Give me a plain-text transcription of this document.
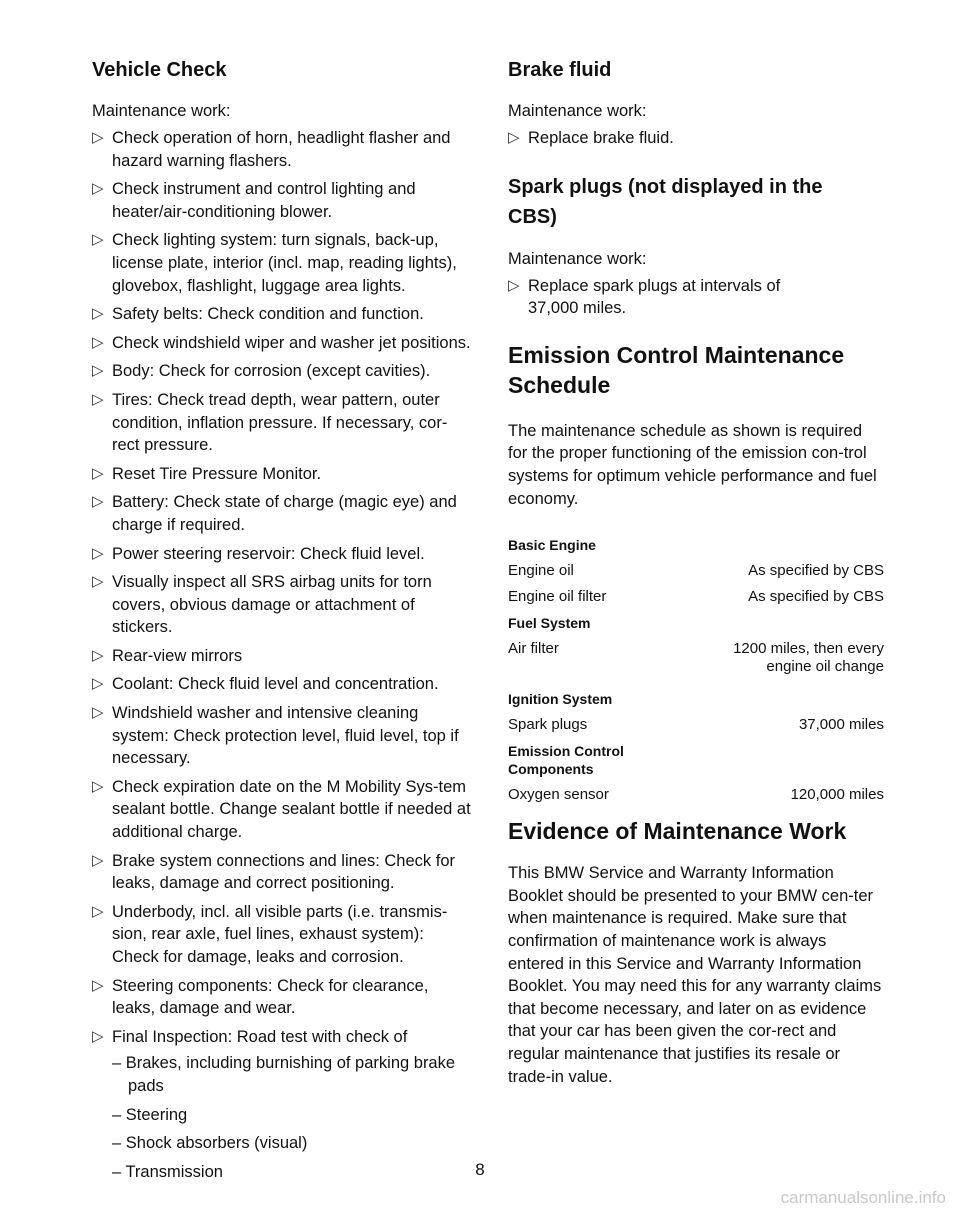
Vehicle Check
Maintenance work:
▷ Check operation of horn, headlight flasher and hazard warning flashers.
▷ Check instrument and control lighting and heater/air-conditioning blower.
▷ Check lighting system: turn signals, back-up, license plate, interior (incl. map, reading lights), glovebox, flashlight, luggage area lights.
▷ Safety belts: Check condition and function.
▷ Check windshield wiper and washer jet positions.
▷ Body: Check for corrosion (except cavities).
▷ Tires: Check tread depth, wear pattern, outer condition, inflation pressure. If necessary, cor-rect pressure.
▷ Reset Tire Pressure Monitor.
▷ Battery: Check state of charge (magic eye) and charge if required.
▷ Power steering reservoir: Check fluid level.
▷ Visually inspect all SRS airbag units for torn covers, obvious damage or attachment of stickers.
▷ Rear-view mirrors
▷ Coolant: Check fluid level and concentration.
▷ Windshield washer and intensive cleaning system: Check protection level, fluid level, top if necessary.
▷ Check expiration date on the M Mobility Sys-tem sealant bottle. Change sealant bottle if needed at additional charge.
▷ Brake system connections and lines: Check for leaks, damage and correct positioning.
▷ Underbody, incl. all visible parts (i.e. transmis-sion, rear axle, fuel lines, exhaust system): Check for damage, leaks and corrosion.
▷ Steering components: Check for clearance, leaks, damage and wear.
▷ Final Inspection: Road test with check of
– Brakes, including burnishing of parking brake pads
– Steering
– Shock absorbers (visual)
– Transmission
Brake fluid
Maintenance work:
▷ Replace brake fluid.
Spark plugs (not displayed in the CBS)
Maintenance work:
▷ Replace spark plugs at intervals of 37,000 miles.
Emission Control Maintenance Schedule

The maintenance schedule as shown is required for the proper functioning of the emission con-trol systems for optimum vehicle performance and fuel economy.

Basic Engine
Engine oil	As specified by CBS
Engine oil filter	As specified by CBS
Fuel System
Air filter	1200 miles, then every engine oil change
Ignition System
Spark plugs	37,000 miles
Emission Control Components
Oxygen sensor	120,000 miles
Evidence of Maintenance Work

This BMW Service and Warranty Information Booklet should be presented to your BMW cen-ter when maintenance is required. Make sure that confirmation of maintenance work is always entered in this Service and Warranty Information Booklet. You may need this for any warranty claims that become necessary, and later on as evidence that your car has been given the cor-rect and regular maintenance that justifies its resale or trade-in value.

8
carmanualsonline.info
